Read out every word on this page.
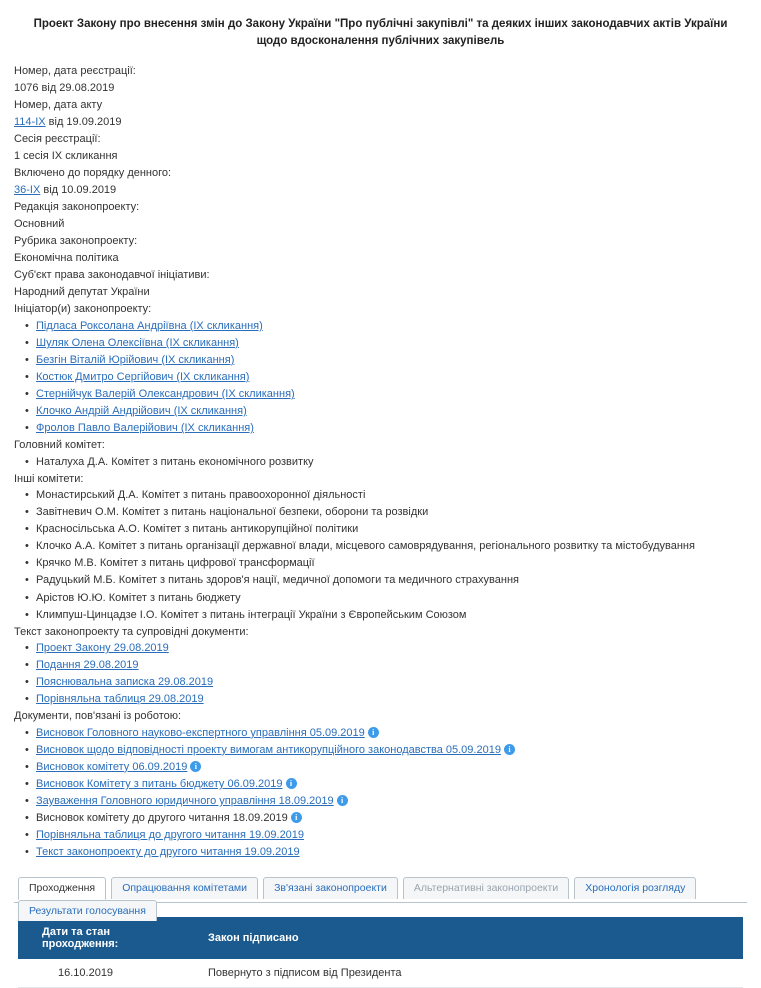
Проект Закону про внесення змін до Закону України "Про публічні закупівлі" та деяких інших законодавчих актів України щодо вдосконалення публічних закупівель
Номер, дата реєстрації:
1076 від 29.08.2019
Номер, дата акту
114-IX від 19.09.2019
Сесія реєстрації:
1 сесія IX скликання
Включено до порядку денного:
36-IX від 10.09.2019
Редакція законопроекту:
Основний
Рубрика законопроекту:
Економічна політика
Суб'єкт права законодавчої ініціативи:
Народний депутат України
Ініціатор(и) законопроекту:
• Підласа Роксолана Андріївна (IX скликання)
• Шуляк Олена Олексіївна (IX скликання)
• Безгін Віталій Юрійович (IX скликання)
• Костюк Дмитро Сергійович (IX скликання)
• Стернійчук Валерій Олександрович (IX скликання)
• Клочко Андрій Андрійович (IX скликання)
• Фролов Павло Валерійович (IX скликання)
Головний комітет:
• Наталуха Д.А. Комітет з питань економічного розвитку
Інші комітети:
• Монастирський Д.А. Комітет з питань правоохоронної діяльності
• Завітневич О.М. Комітет з питань національної безпеки, оборони та розвідки
• Красносільська А.О. Комітет з питань антикорупційної політики
• Клочко А.А. Комітет з питань організації державної влади, місцевого самоврядування, регіонального розвитку та містобудування
• Крячко М.В. Комітет з питань цифрової трансформації
• Радуцький М.Б. Комітет з питань здоров'я нації, медичної допомоги та медичного страхування
• Арістов Ю.Ю. Комітет з питань бюджету
• Климпуш-Цинцадзе І.О. Комітет з питань інтеграції України з Європейським Союзом
Текст законопроекту та супровідні документи:
• Проект Закону 29.08.2019
• Подання 29.08.2019
• Пояснювальна записка 29.08.2019
• Порівняльна таблиця 29.08.2019
Документи, пов'язані із роботою:
• Висновок Головного науково-експертного управління 05.09.2019 i
• Висновок щодо відповідності проекту вимогам антикорупційного законодавства 05.09.2019 i
• Висновок комітету 06.09.2019 i
• Висновок Комітету з питань бюджету 06.09.2019 i
• Зауваження Головного юридичного управління 18.09.2019 i
• Висновок комітету до другого читання 18.09.2019 i
• Порівняльна таблиця до другого читання 19.09.2019
• Текст законопроекту до другого читання 19.09.2019
Проходження	Опрацювання комітетами	Зв'язані законопроекти	Альтернативні законопроекти	Хронологія розгляду Результати голосування
Дати та стан проходження:	Закон підписано
16.10.2019	Повернуто з підписом від Президента
